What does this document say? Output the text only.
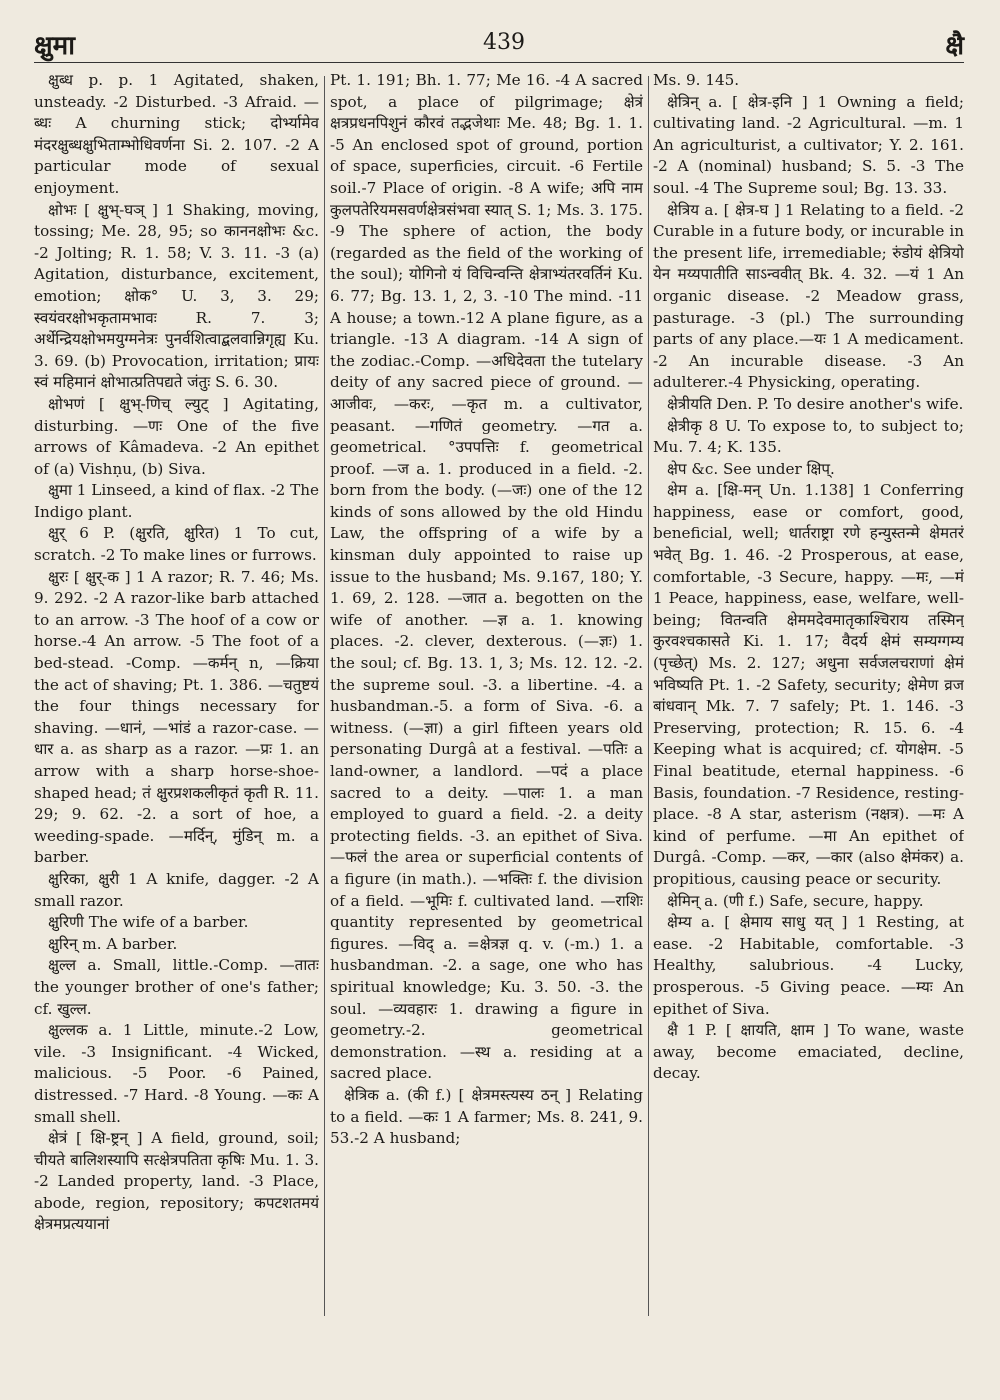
क्षुमा	439	क्षै

क्षुब्ध p. p. 1 Agitated, shaken, unsteady. -2 Disturbed. -3 Afraid. —ब्धः A churning stick; दोर्भ्यामेव मंदरक्षुब्धक्षुभिताम्भोधिवर्णना Si. 2. 107. -2 A particular mode of sexual enjoyment.

क्षोभः [ क्षुभ्-घञ् ] 1 Shaking, moving, tossing; Me. 28, 95; so काननक्षोभः &c. -2 Jolting; R. 1. 58; V. 3. 11. -3 (a) Agitation, disturbance, excitement, emotion; क्षोक° U. 3, 3. 29; स्वयंवरक्षोभकृतामभावः R. 7. 3; अर्थेन्द्रियक्षोभमयुग्मनेत्रः पुनर्वशित्वाद्बलवान्निगृह्य Ku. 3. 69. (b) Provocation, irritation; प्रायः स्वं महिमानं क्षोभात्प्रतिपद्यते जंतुः S. 6. 30.

क्षोभणं [ क्षुभ्-णिच् ल्युट् ] Agitating, disturbing. —णः One of the five arrows of Kâmadeva. -2 An epithet of (a) Vishṇu, (b) Siva.

क्षुमा 1 Linseed, a kind of flax. -2 The Indigo plant.

क्षुर् 6 P. (क्षुरति, क्षुरित) 1 To cut, scratch. -2 To make lines or furrows.

क्षुरः [ क्षुर्-क ] 1 A razor; R. 7. 46; Ms. 9. 292. -2 A razor-like barb attached to an arrow. -3 The hoof of a cow or horse.-4 An arrow. -5 The foot of a bed-stead. -Comp. —कर्मन् n, —क्रिया the act of shaving; Pt. 1. 386. —चतुष्टयं the four things necessary for shaving. —धानं, —भांडं a razor-case. —धार a. as sharp as a razor. —प्रः 1. an arrow with a sharp horse-shoe-shaped head; तं क्षुरप्रशकलीकृतं कृती R. 11. 29; 9. 62. -2. a sort of hoe, a weeding-spade. —मर्दिन्, मुंडिन् m. a barber.

क्षुरिका, क्षुरी 1 A knife, dagger. -2 A small razor.

क्षुरिणी The wife of a barber.

क्षुरिन् m. A barber.

क्षुल्ल a. Small, little.-Comp. —तातः the younger brother of one's father; cf. खुल्ल.

क्षुल्लक a. 1 Little, minute.-2 Low, vile. -3 Insignificant. -4 Wicked, malicious. -5 Poor. -6 Pained, distressed. -7 Hard. -8 Young. —कः A small shell.

क्षेत्रं [ क्षि-ष्ट्रन् ] A field, ground, soil; चीयते बालिशस्यापि सत्क्षेत्रपतिता कृषिः Mu. 1. 3. -2 Landed property, land. -3 Place, abode, region, repository; कपटशतमयं क्षेत्रमप्रत्ययानां

Pt. 1. 191; Bh. 1. 77; Me 16. -4 A sacred spot, a place of pilgrimage; क्षेत्रं क्षत्रप्रधनपिशुनं कौरवं तद्भजेथाः Me. 48; Bg. 1. 1. -5 An enclosed spot of ground, portion of space, superficies, circuit. -6 Fertile soil.-7 Place of origin. -8 A wife; अपि नाम कुलपतेरियमसवर्णक्षेत्रसंभवा स्यात् S. 1; Ms. 3. 175. -9 The sphere of action, the body (regarded as the field of the working of the soul); योगिनो यं विचिन्वन्ति क्षेत्राभ्यंतरवर्तिनं Ku. 6. 77; Bg. 13. 1, 2, 3. -10 The mind. -11 A house; a town.-12 A plane figure, as a triangle. -13 A diagram. -14 A sign of the zodiac.-Comp. —अधिदेवता the tutelary deity of any sacred piece of ground. —आजीवः, —करः, —कृत m. a cultivator, peasant. —गणितं geometry. —गत a. geometrical. °उपपत्तिः f. geometrical proof. —ज a. 1. produced in a field. -2. born from the body. (—जः) one of the 12 kinds of sons allowed by the old Hindu Law, the offspring of a wife by a kinsman duly appointed to raise up issue to the husband; Ms. 9.167, 180; Y. 1. 69, 2. 128. —जात a. begotten on the wife of another. —ज्ञ a. 1. knowing places. -2. clever, dexterous. (—ज्ञः) 1. the soul; cf. Bg. 13. 1, 3; Ms. 12. 12. -2. the supreme soul. -3. a libertine. -4. a husbandman.-5. a form of Siva. -6. a witness. (—ज्ञा) a girl fifteen years old personating Durgâ at a festival. —पतिः a land-owner, a landlord. —पदं a place sacred to a deity. —पालः 1. a man employed to guard a field. -2. a deity protecting fields. -3. an epithet of Siva. —फलं the area or superficial contents of a figure (in math.). —भक्तिः f. the division of a field. —भूमिः f. cultivated land. —राशिः quantity represented by geometrical figures. —विद् a. =क्षेत्रज्ञ q. v. (-m.) 1. a husbandman. -2. a sage, one who has spiritual knowledge; Ku. 3. 50. -3. the soul. —व्यवहारः 1. drawing a figure in geometry.-2. geometrical demonstration. —स्थ a. residing at a sacred place.

क्षेत्रिक a. (की f.) [ क्षेत्रमस्त्यस्य ठन् ] Relating to a field. —कः 1 A farmer; Ms. 8. 241, 9. 53.-2 A husband;

Ms. 9. 145.

क्षेत्रिन् a. [ क्षेत्र-इनि ] 1 Owning a field; cultivating land. -2 Agricultural. —m. 1 An agriculturist, a cultivator; Y. 2. 161. -2 A (nominal) husband; S. 5. -3 The soul. -4 The Supreme soul; Bg. 13. 33.

क्षेत्रिय a. [ क्षेत्र-घ ] 1 Relating to a field. -2 Curable in a future body, or incurable in the present life, irremediable; रुंडोयं क्षेत्रियो येन मय्यपातीति साऽन्ववीत् Bk. 4. 32. —यं 1 An organic disease. -2 Meadow grass, pasturage. -3 (pl.) The surrounding parts of any place.—यः 1 A medicament. -2 An incurable disease. -3 An adulterer.-4 Physicking, operating.

क्षेत्रीयति Den. P. To desire another's wife.

क्षेत्रीकृ 8 U. To expose to, to subject to; Mu. 7. 4; K. 135.

क्षेप &c. See under क्षिप्.

क्षेम a. [क्षि-मन् Un. 1.138] 1 Conferring happiness, ease or comfort, good, beneficial, well; धार्तराष्ट्रा रणे हन्युस्तन्मे क्षेमतरं भवेत् Bg. 1. 46. -2 Prosperous, at ease, comfortable, -3 Secure, happy. —मः, —मं 1 Peace, happiness, ease, welfare, well-being; वितन्वति क्षेममदेवमातृकाश्चिराय तस्मिन् कुरवश्चकासते Ki. 1. 17; वैदर्य क्षेमं सम्यग्गम्य (पृच्छेत्) Ms. 2. 127; अधुना सर्वजलचराणां क्षेमं भविष्यति Pt. 1. -2 Safety, security; क्षेमेण व्रज बांधवान् Mk. 7. 7 safely; Pt. 1. 146. -3 Preserving, protection; R. 15. 6. -4 Keeping what is acquired; cf. योगक्षेम. -5 Final beatitude, eternal happiness. -6 Basis, foundation. -7 Residence, resting-place. -8 A star, asterism (नक्षत्र). —मः A kind of perfume. —मा An epithet of Durgâ. -Comp. —कर, —कार (also क्षेमंकर) a. propitious, causing peace or security.

क्षेमिन् a. (णी f.) Safe, secure, happy.

क्षेम्य a. [ क्षेमाय साधु यत् ] 1 Resting, at ease. -2 Habitable, comfortable. -3 Healthy, salubrious. -4 Lucky, prosperous. -5 Giving peace. —म्यः An epithet of Siva.

क्षै 1 P. [ क्षायति, क्षाम ] To wane, waste away, become emaciated, decline, decay.
